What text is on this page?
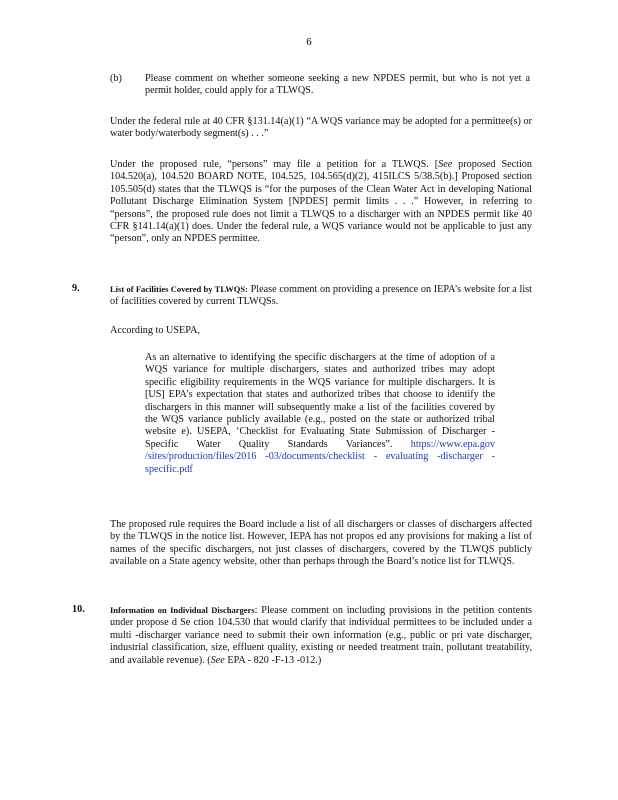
6
(b) Please comment on whether someone seeking a new NPDES permit, but who is not yet a permit holder, could apply for a TLWQS.
Under the federal rule at 40 CFR §131.14(a)(1) “A WQS variance may be adopted for a permittee(s) or water body/waterbody segment(s) . . .”
Under the proposed rule, “persons” may file a petition for a TLWQS. [See proposed Section 104.520(a), 104.520 BOARD NOTE, 104.525, 104.565(d)(2), 415ILCS 5/38.5(b).] Proposed section 105.505(d) states that the TLWQS is “for the purposes of the Clean Water Act in developing National Pollutant Discharge Elimination System [NPDES] permit limits . . .” However, in referring to “persons”, the proposed rule does not limit a TLWQS to a discharger with an NPDES permit like 40 CFR §141.14(a)(1) does. Under the federal rule, a WQS variance would not be applicable to just any “person”, only an NPDES permittee.
9.	List of Facilities Covered by TLWQS: Please comment on providing a presence on IEPA’s website for a list of facilities covered by current TLWQSs.
According to USEPA,
As an alternative to identifying the specific dischargers at the time of adoption of a WQS variance for multiple dischargers, states and authorized tribes may adopt specific eligibility requirements in the WQS variance for multiple dischargers. It is [US] EPA’s expectation that states and authorized tribes that choose to identify the dischargers in this manner will subsequently make a list of the facilities covered by the WQS variance publicly available (e.g., posted on the state or authorized tribal website e). USEPA, ‘Checklist for Evaluating State Submission of Discharger -Specific Water Quality Standards Variances”. https://www.epa.gov /sites/production/files/2016 -03/documents/checklist - evaluating -discharger - specific.pdf
The proposed rule requires the Board include a list of all dischargers or classes of dischargers affected by the TLWQS in the notice list. However, IEPA has not propos ed any provisions for making a list of names of the specific dischargers, not just classes of dischargers, covered by the TLWQS publicly available on a State agency website, other than perhaps through the Board’s notice list for TLWQS.
10.	Information on Individual Dischargers: Please comment on including provisions in the petition contents under propose d Se ction 104.530 that would clarify that individual permittees to be included under a multi -discharger variance need to submit their own information (e.g., public or pri vate discharger, industrial classification, size, effluent quality, existing or needed treatment train, pollutant treatability, and available revenue). (See EPA - 820 -F-13 -012.)
